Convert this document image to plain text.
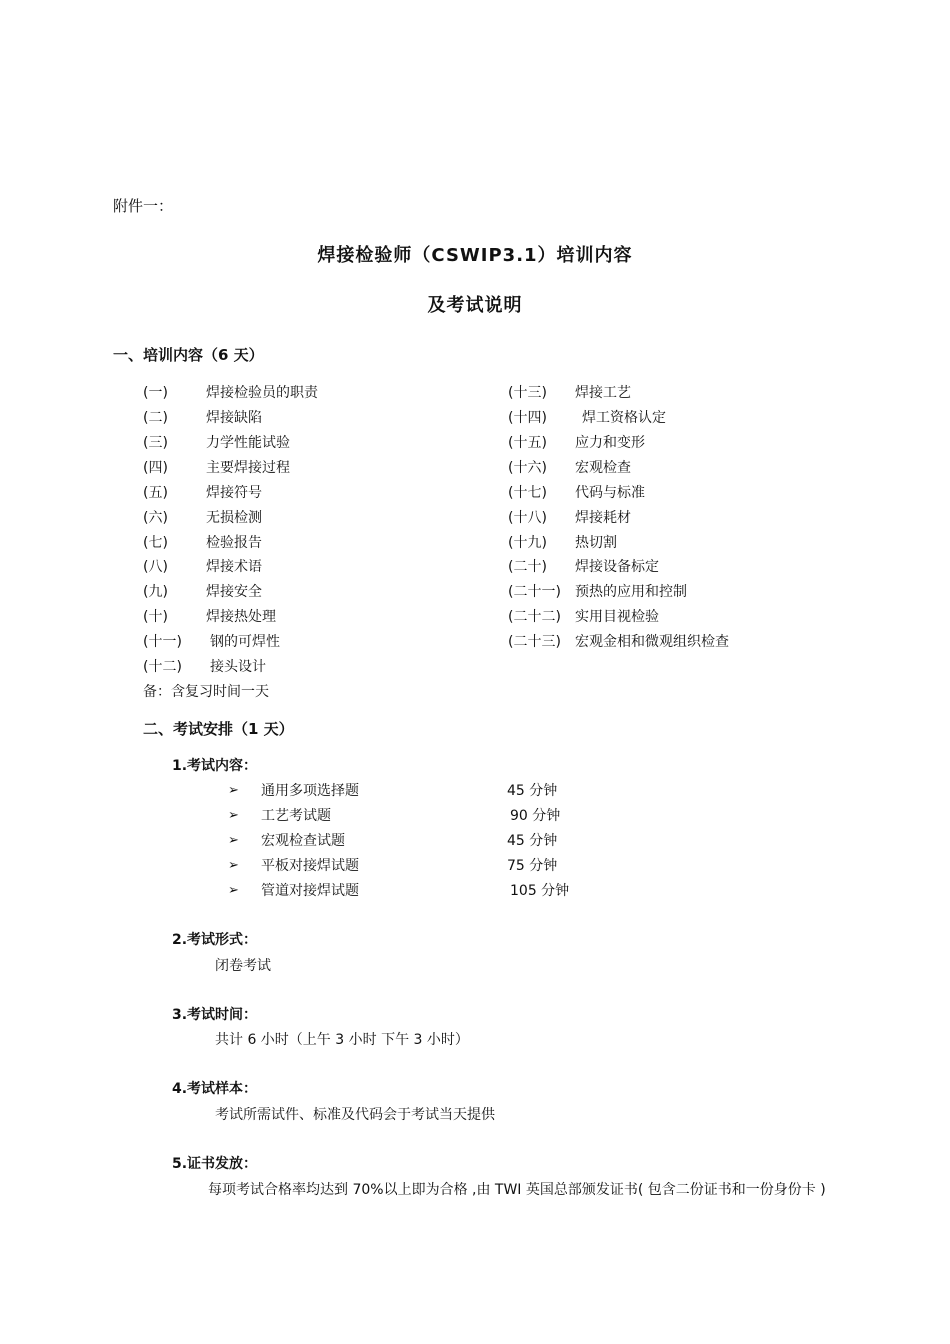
附件一：
焊接检验师（CSWIP3.1）培训内容
及考试说明
一、培训内容（6 天）
(一)	焊接检验员的职责
(二)	焊接缺陷
(三)	力学性能试验
(四)	主要焊接过程
(五)	焊接符号
(六)	无损检测
(七)	检验报告
(八)	焊接术语
(九)	焊接安全
(十)	焊接热处理
(十一) 钢的可焊性
(十二) 接头设计
(十三) 焊接工艺
(十四)	焊工资格认定
(十五) 应力和变形
(十六) 宏观检查
(十七) 代码与标准
(十八) 焊接耗材
(十九) 热切割
(二十) 焊接设备标定
(二十一) 预热的应用和控制
(二十二) 实用目视检验
(二十三) 宏观金相和微观组织检查
备：含复习时间一天
二、考试安排（1 天）
1.考试内容：
➢ 通用多项选择题	45 分钟
➢ 工艺考试题	90 分钟
➢ 宏观检查试题	45 分钟
➢ 平板对接焊试题	75 分钟
➢ 管道对接焊试题	105 分钟
2.考试形式：
闭卷考试
3.考试时间：
共计 6 小时（上午 3 小时 下午 3 小时）
4.考试样本：
考试所需试件、标准及代码会于考试当天提供
5.证书发放：
每项考试合格率均达到 70%以上即为合格 ,由 TWI 英国总部颁发证书( 包含二份证书和一份身份卡 )
